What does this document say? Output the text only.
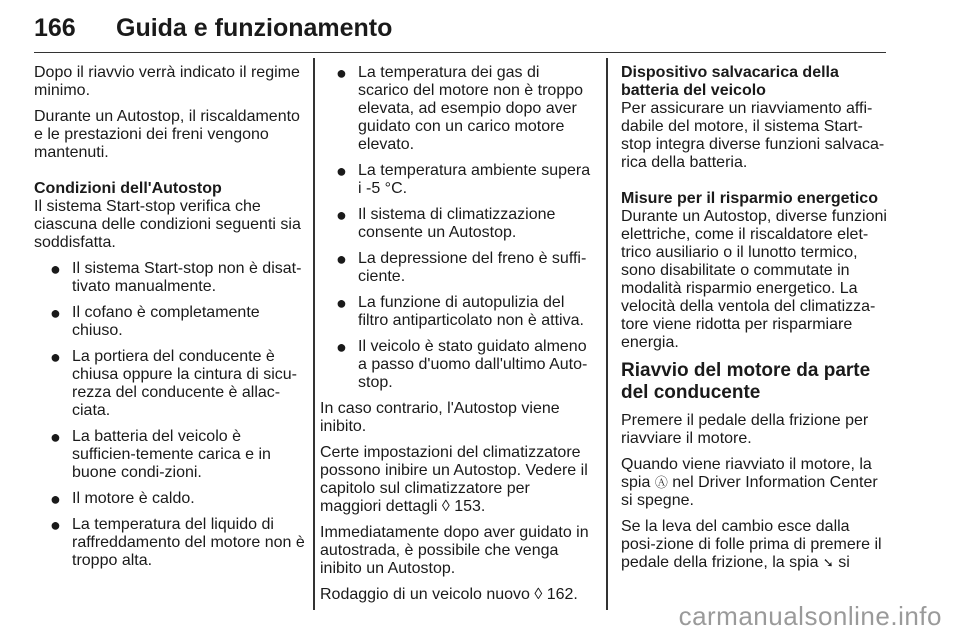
166 Guida e funzionamento

Dopo il riavvio verrà indicato il regime minimo.

Durante un Autostop, il riscaldamento e le prestazioni dei freni vengono mantenuti.

Condizioni dell'Autostop

Il sistema Start-stop verifica che ciascuna delle condizioni seguenti sia soddisfatta.

● Il sistema Start-stop non è disat-tivato manualmente.
● Il cofano è completamente chiuso.
● La portiera del conducente è chiusa oppure la cintura di sicu-rezza del conducente è allac-ciata.
● La batteria del veicolo è sufficien-temente carica e in buone condi-zioni.
● Il motore è caldo.
● La temperatura del liquido di raffreddamento del motore non è troppo alta.
● La temperatura dei gas di scarico del motore non è troppo elevata, ad esempio dopo aver guidato con un carico motore elevato.
● La temperatura ambiente supera i -5 °C.
● Il sistema di climatizzazione consente un Autostop.
● La depressione del freno è suffi-ciente.
● La funzione di autopulizia del filtro antiparticolato non è attiva.
● Il veicolo è stato guidato almeno a passo d'uomo dall'ultimo Auto-stop.

In caso contrario, l'Autostop viene inibito.

Certe impostazioni del climatizzatore possono inibire un Autostop. Vedere il capitolo sul climatizzatore per maggiori dettagli ◊ 153.

Immediatamente dopo aver guidato in autostrada, è possibile che venga inibito un Autostop.

Rodaggio di un veicolo nuovo ◊ 162.

Dispositivo salvacarica della batteria del veicolo

Per assicurare un riavviamento affi-dabile del motore, il sistema Start-stop integra diverse funzioni salvaca-rica della batteria.

Misure per il risparmio energetico

Durante un Autostop, diverse funzioni elettriche, come il riscaldatore elet-trico ausiliario o il lunotto termico, sono disabilitate o commutate in modalità risparmio energetico. La velocità della ventola del climatizza-tore viene ridotta per risparmiare energia.

Riavvio del motore da parte del conducente

Premere il pedale della frizione per riavviare il motore.

Quando viene riavviato il motore, la spia Ⓐ nel Driver Information Center si spegne.

Se la leva del cambio esce dalla posi-zione di folle prima di premere il pedale della frizione, la spia ➘ si

carmanualsonline.info
